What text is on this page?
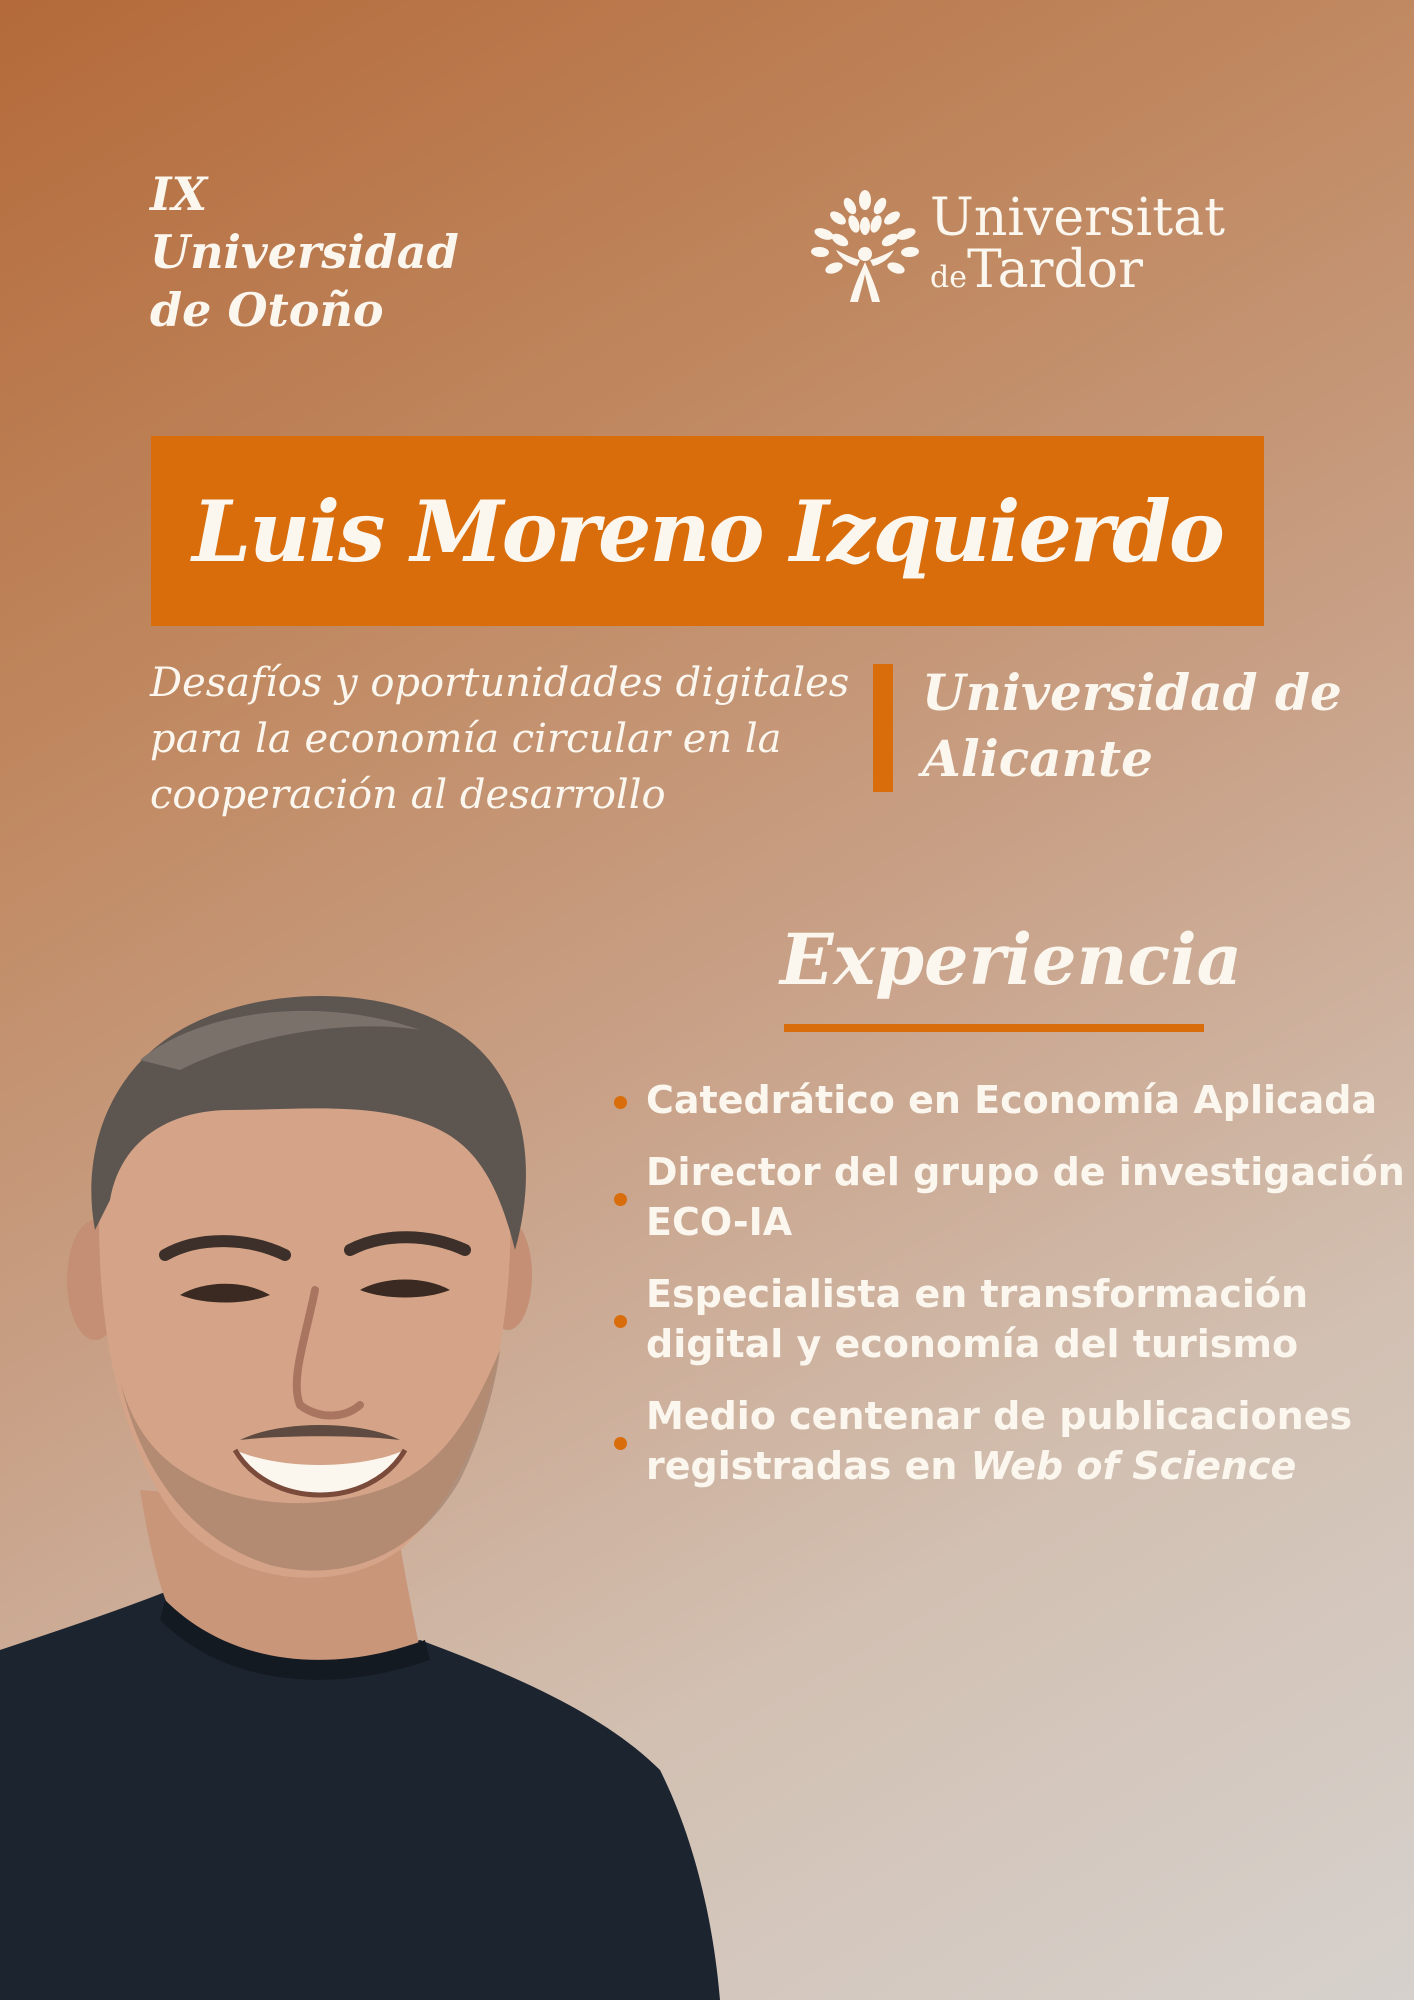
IX
Universidad
de Otoño
Universitat
deTardor
Luis Moreno Izquierdo
Desafíos y oportunidades digitales
para la economía circular en la
cooperación al desarrollo
Universidad de
Alicante
Experiencia
Catedrático en Economía Aplicada
Director del grupo de investigación
ECO-IA
Especialista en transformación
digital y economía del turismo
Medio centenar de publicaciones
registradas en Web of Science
